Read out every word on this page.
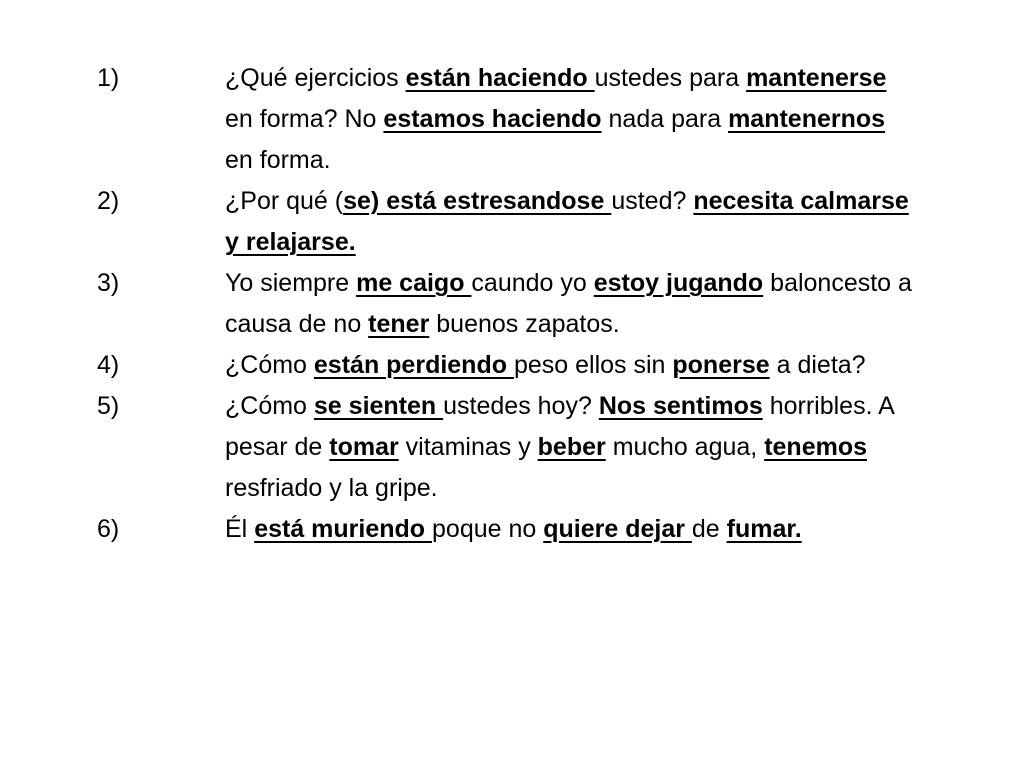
1)	¿Qué ejercicios están haciendo ustedes para mantenerse en forma? No estamos haciendo nada para mantenernos en forma.
2)	¿Por qué (se) está estresandose usted? necesita calmarse y relajarse.
3)	Yo siempre me caigo caundo yo estoy jugando baloncesto a causa de no tener buenos zapatos.
4)	¿Cómo están perdiendo peso ellos sin ponerse a dieta?
5)	¿Cómo se sienten ustedes hoy? Nos sentimos horribles. A pesar de tomar vitaminas y beber mucho agua, tenemos resfriado y la gripe.
6)	Él está muriendo poque no quiere dejar de fumar.
